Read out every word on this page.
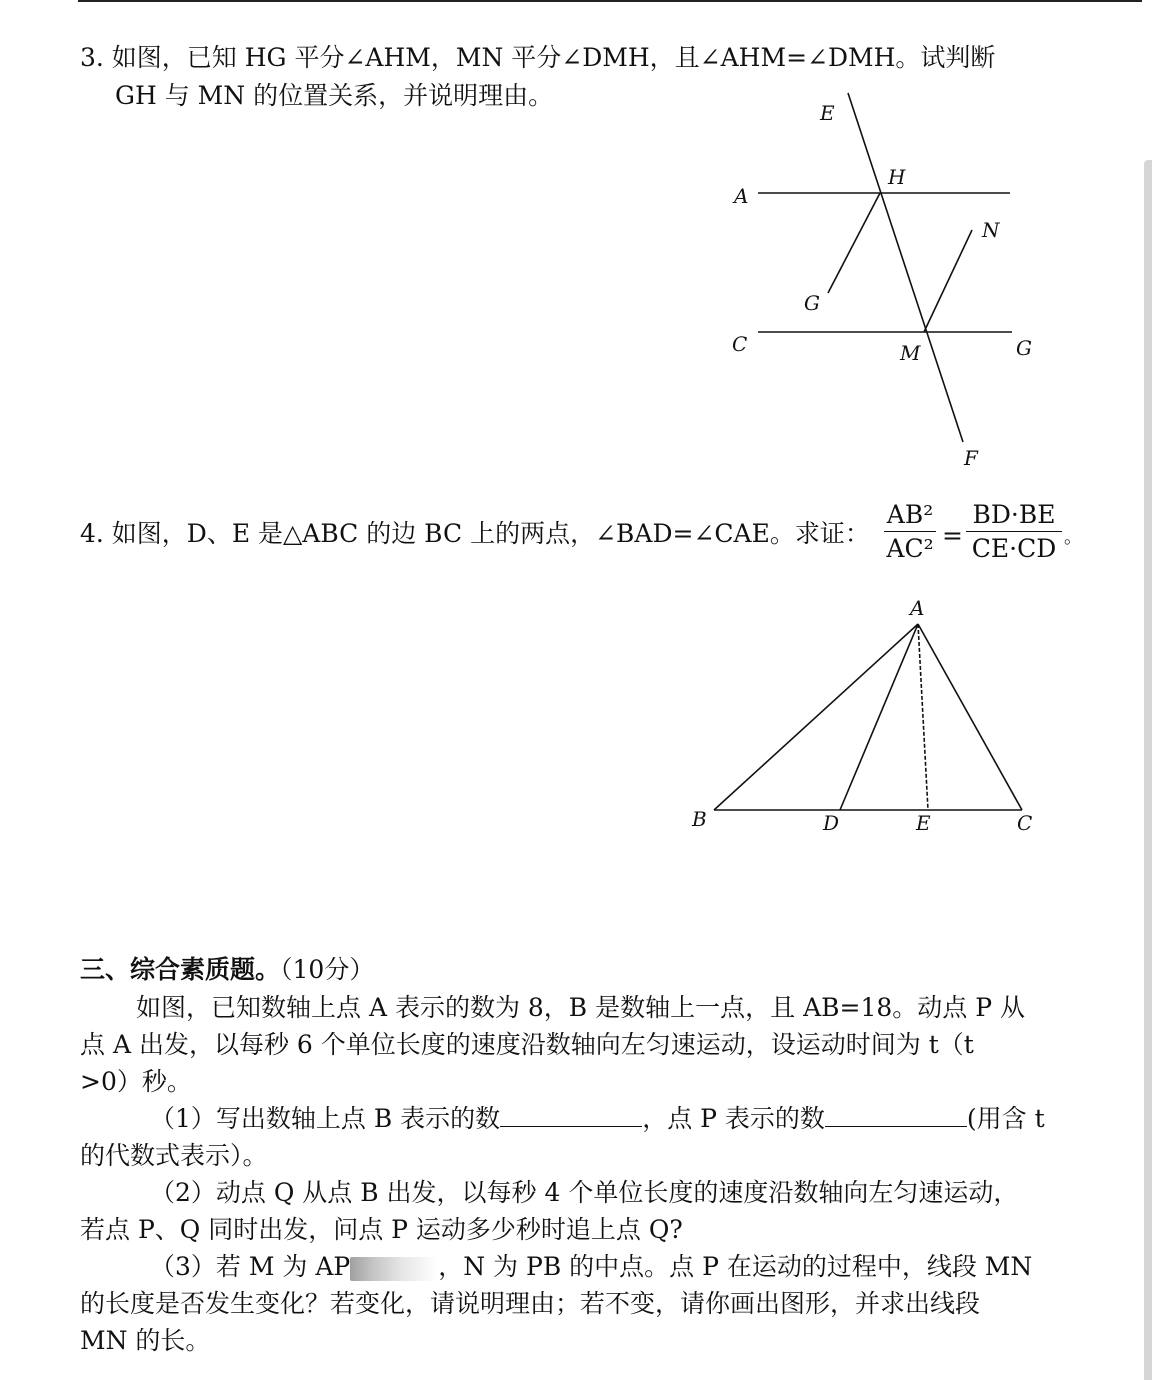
3. 如图，已知 HG 平分∠AHM，MN 平分∠DMH，且∠AHM=∠DMH。试判断
GH 与 MN 的位置关系，并说明理由。
E
H
A
N
G
C	M	G
F
4. 如图，D、E 是△ABC 的边 BC 上的两点，∠BAD=∠CAE。求证：
AB²
AC² =
BD·BE
CE·CD 。
A
B	D	E	C
三、综合素质题。（10分）
如图，已知数轴上点 A 表示的数为 8，B 是数轴上一点，且 AB=18。动点 P 从
点 A 出发，以每秒 6 个单位长度的速度沿数轴向左匀速运动，设运动时间为 t（t
>0）秒。
（1）写出数轴上点 B 表示的数	，点 P 表示的数	(用含 t
的代数式表示）。
（2）动点 Q 从点 B 出发，以每秒 4 个单位长度的速度沿数轴向左匀速运动，
若点 P、Q 同时出发，问点 P 运动多少秒时追上点 Q?
（3）若 M 为 AP	，N 为 PB 的中点。点 P 在运动的过程中，线段 MN
的长度是否发生变化？若变化，请说明理由；若不变，请你画出图形，并求出线段
MN 的长。
